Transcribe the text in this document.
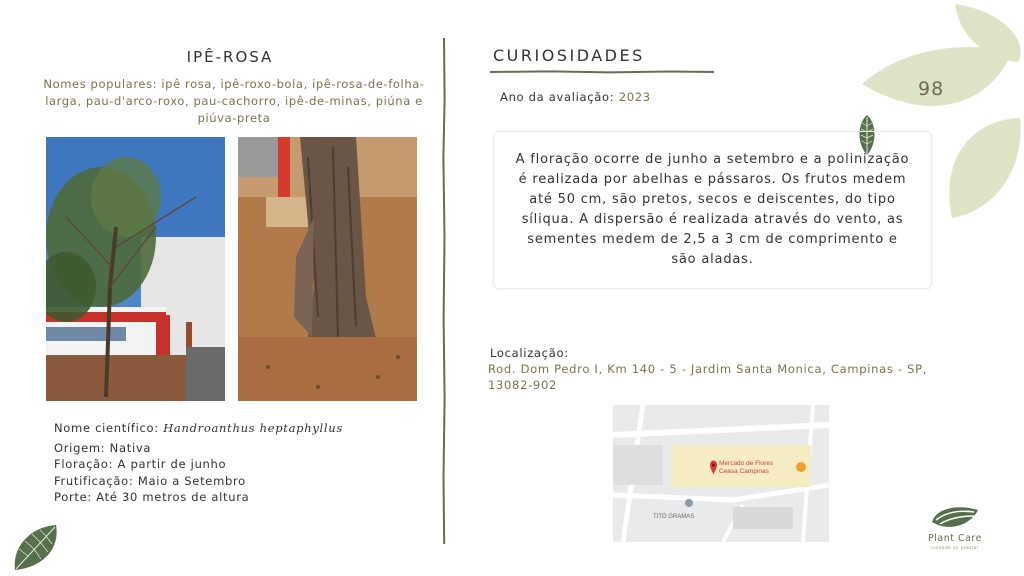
98
IPÊ-ROSA
Nomes populares: ipê rosa, ipê-roxo-bola, ipê-rosa-de-folha-larga, pau-d'arco-roxo, pau-cachorro, ipê-de-minas, piúna e piúva-preta
Nome científico: Handroanthus heptaphyllus
Origem: Nativa
Floração: A partir de junho
Frutificação: Maio a Setembro
Porte: Até 30 metros de altura
CURIOSIDADES
Ano da avaliação: 2023

A floração ocorre de junho a setembro e a polinização é realizada por abelhas e pássaros. Os frutos medem até 50 cm, são pretos, secos e deiscentes, do tipo síliqua. A dispersão é realizada através do vento, as sementes medem de 2,5 a 3 cm de comprimento e são aladas.

Localização:
Rod. Dom Pedro I, Km 140 - 5 - Jardim Santa Monica, Campinas - SP, 13082-902
Mercado de Flores
Ceasa Campinas
TITO GRAMAS
Plant Care
cuidado ao plantar
